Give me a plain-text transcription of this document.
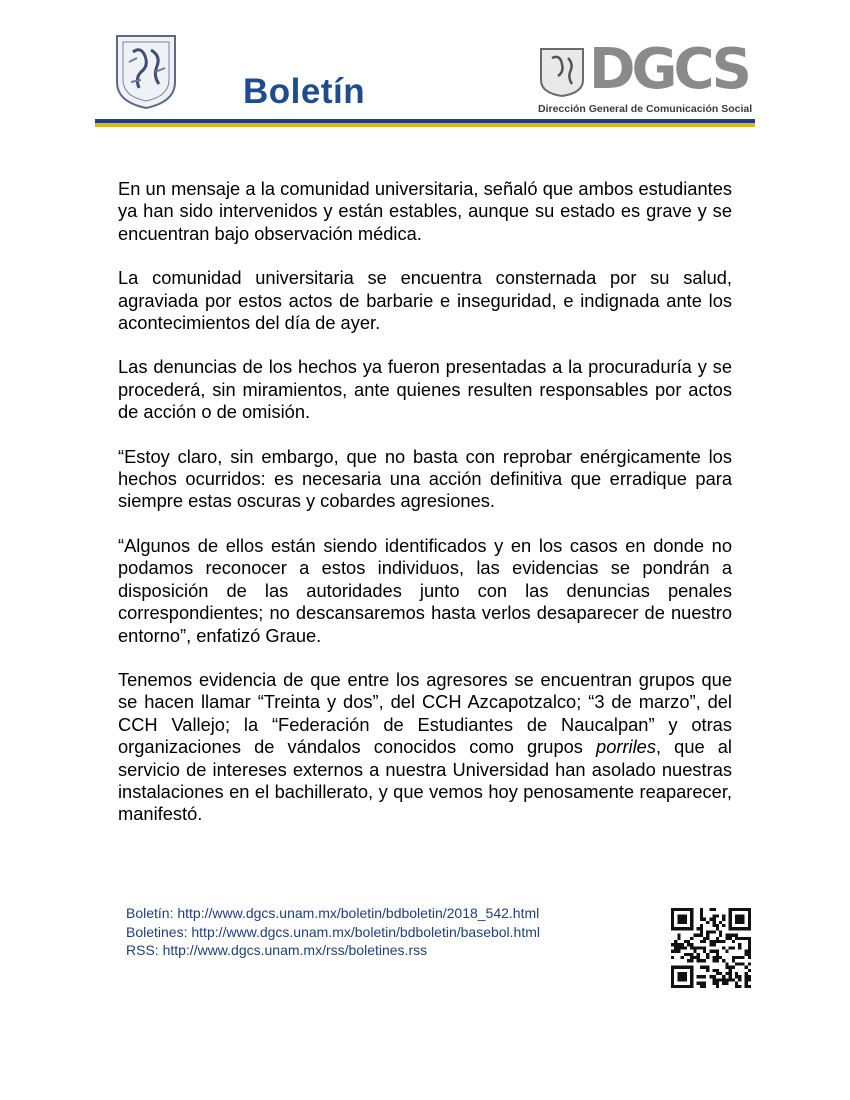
Boletín	DGCS
Dirección General de Comunicación Social

En un mensaje a la comunidad universitaria, señaló que ambos estudiantes ya han sido intervenidos y están estables, aunque su estado es grave y se encuentran bajo observación médica.

La comunidad universitaria se encuentra consternada por su salud, agraviada por estos actos de barbarie e inseguridad, e indignada ante los acontecimientos del día de ayer.

Las denuncias de los hechos ya fueron presentadas a la procuraduría y se procederá, sin miramientos, ante quienes resulten responsables por actos de acción o de omisión.

“Estoy claro, sin embargo, que no basta con reprobar enérgicamente los hechos ocurridos: es necesaria una acción definitiva que erradique para siempre estas oscuras y cobardes agresiones.

“Algunos de ellos están siendo identificados y en los casos en donde no podamos reconocer a estos individuos, las evidencias se pondrán a disposición de las autoridades junto con las denuncias penales correspondientes; no descansaremos hasta verlos desaparecer de nuestro entorno”, enfatizó Graue.

Tenemos evidencia de que entre los agresores se encuentran grupos que se hacen llamar “Treinta y dos”, del CCH Azcapotzalco; “3 de marzo”, del CCH Vallejo; la “Federación de Estudiantes de Naucalpan” y otras organizaciones de vándalos conocidos como grupos porriles, que al servicio de intereses externos a nuestra Universidad han asolado nuestras instalaciones en el bachillerato, y que vemos hoy penosamente reaparecer, manifestó.

Boletín: http://www.dgcs.unam.mx/boletin/bdboletin/2018_542.html
Boletines: http://www.dgcs.unam.mx/boletin/bdboletin/basebol.html
RSS: http://www.dgcs.unam.mx/rss/boletines.rss
